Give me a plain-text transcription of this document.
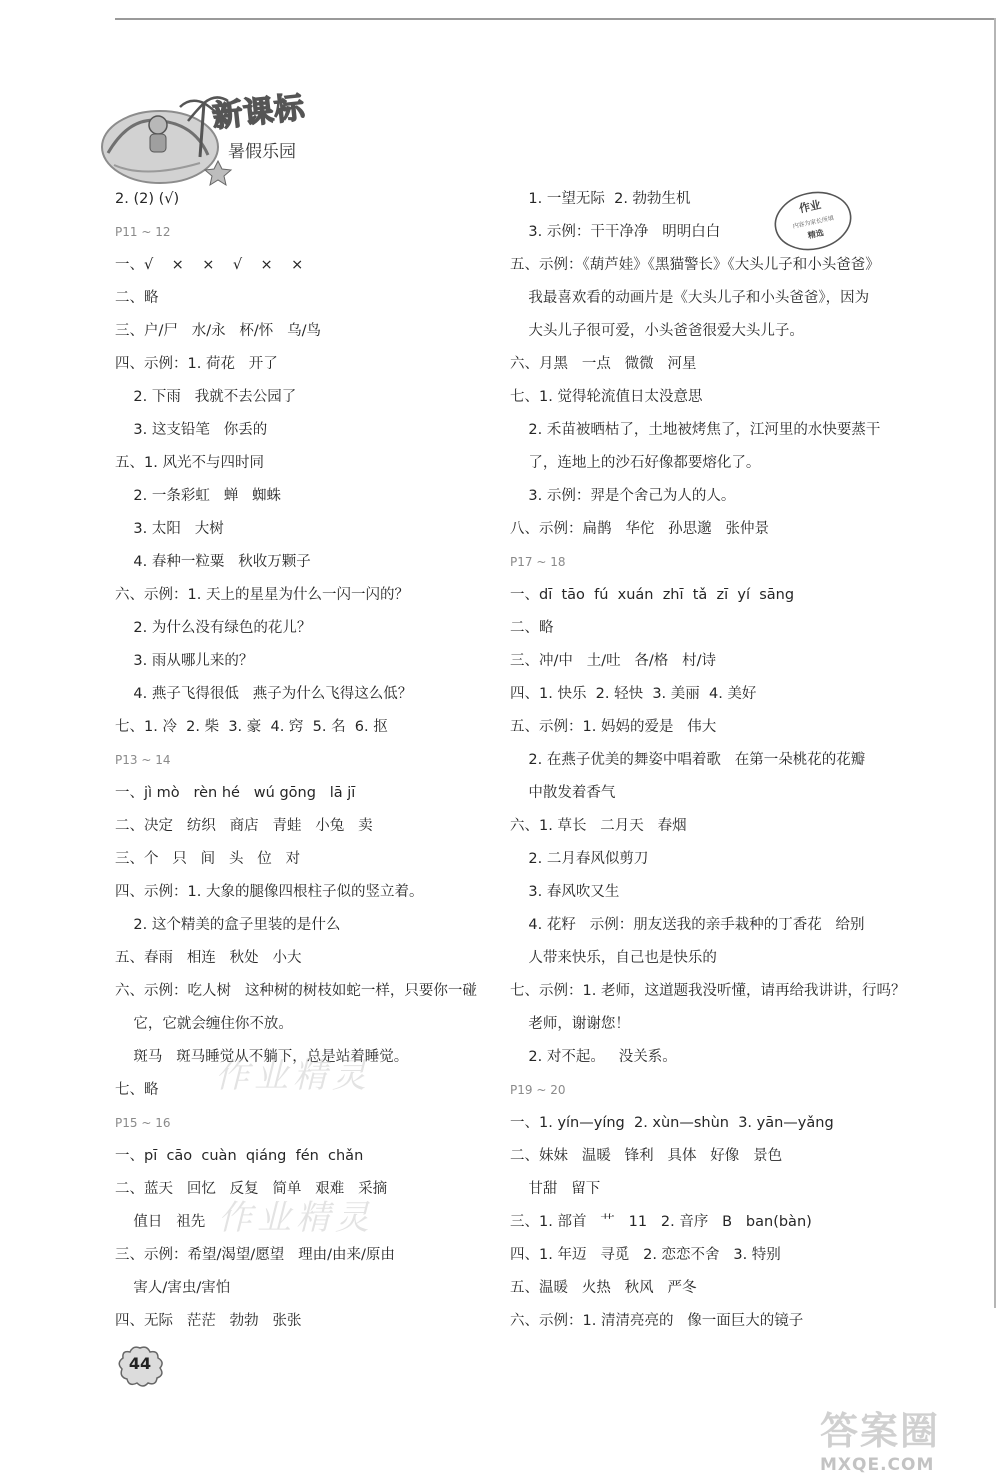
新课标
暑假乐园
2. (2) (√)
P11 ~ 12
一、√    ×    ×    √    ×    ×
二、略
三、户/尸   水/永   杯/怀   乌/鸟
四、示例：1. 荷花   开了
2. 下雨   我就不去公园了
3. 这支铅笔   你丢的
五、1. 风光不与四时同
2. 一条彩虹   蝉   蜘蛛
3. 太阳   大树
4. 春种一粒粟   秋收万颗子
六、示例：1. 天上的星星为什么一闪一闪的？
2. 为什么没有绿色的花儿？
3. 雨从哪儿来的？
4. 燕子飞得很低   燕子为什么飞得这么低？
七、1. 冷  2. 柴  3. 豪  4. 窍  5. 名  6. 抠
P13 ~ 14
一、jì mò   rèn hé   wú gōng   lā jī
二、决定   纺织   商店   青蛙   小兔   卖
三、个   只   间   头   位   对
四、示例：1. 大象的腿像四根柱子似的竖立着。
2. 这个精美的盒子里装的是什么
五、春雨   相连   秋处   小大
六、示例：吃人树   这种树的树枝如蛇一样，只要你一碰
它，它就会缠住你不放。
斑马   斑马睡觉从不躺下，总是站着睡觉。
七、略
P15 ~ 16
一、pī  cāo  cuàn  qiáng  fén  chǎn
二、蓝天   回忆   反复   简单   艰难   采摘
值日   祖先
三、示例：希望/渴望/愿望   理由/由来/原由
害人/害虫/害怕
四、无际   茫茫   勃勃   张张
1. 一望无际  2. 勃勃生机
3. 示例：干干净净   明明白白
五、示例：《葫芦娃》《黑猫警长》《大头儿子和小头爸爸》
我最喜欢看的动画片是《大头儿子和小头爸爸》，因为
大头儿子很可爱，小头爸爸很爱大头儿子。
六、月黑   一点   微微   河星
七、1. 觉得轮流值日太没意思
2. 禾苗被晒枯了，土地被烤焦了，江河里的水快要蒸干
了，连地上的沙石好像都要熔化了。
3. 示例：羿是个舍己为人的人。
八、示例：扁鹊   华佗   孙思邈   张仲景
P17 ~ 18
一、dī  tāo  fú  xuán  zhī  tǎ  zī  yí  sāng
二、略
三、冲/中   土/吐   各/格   村/诗
四、1. 快乐  2. 轻快  3. 美丽  4. 美好
五、示例：1. 妈妈的爱是   伟大
2. 在燕子优美的舞姿中唱着歌   在第一朵桃花的花瓣
中散发着香气
六、1. 草长   二月天   春烟
2. 二月春风似剪刀
3. 春风吹又生
4. 花籽   示例：朋友送我的亲手栽种的丁香花   给别
人带来快乐，自己也是快乐的
七、示例：1. 老师，这道题我没听懂，请再给我讲讲，行吗？
老师，谢谢您！
2. 对不起。   没关系。
P19 ~ 20
一、1. yín—yíng  2. xùn—shùn  3. yān—yǎng
二、妹妹   温暖   锋利   具体   好像   景色
甘甜   留下
三、1. 部首   艹   11   2. 音序   B   ban(bàn)
四、1. 年迈   寻觅   2. 恋恋不舍   3. 特别
五、温暖   火热   秋风   严冬
六、示例：1. 清清亮亮的   像一面巨大的镜子
作业
内容为家长所填
精选
作业精灵
作业精灵
44
答案圈
MXQE.COM
